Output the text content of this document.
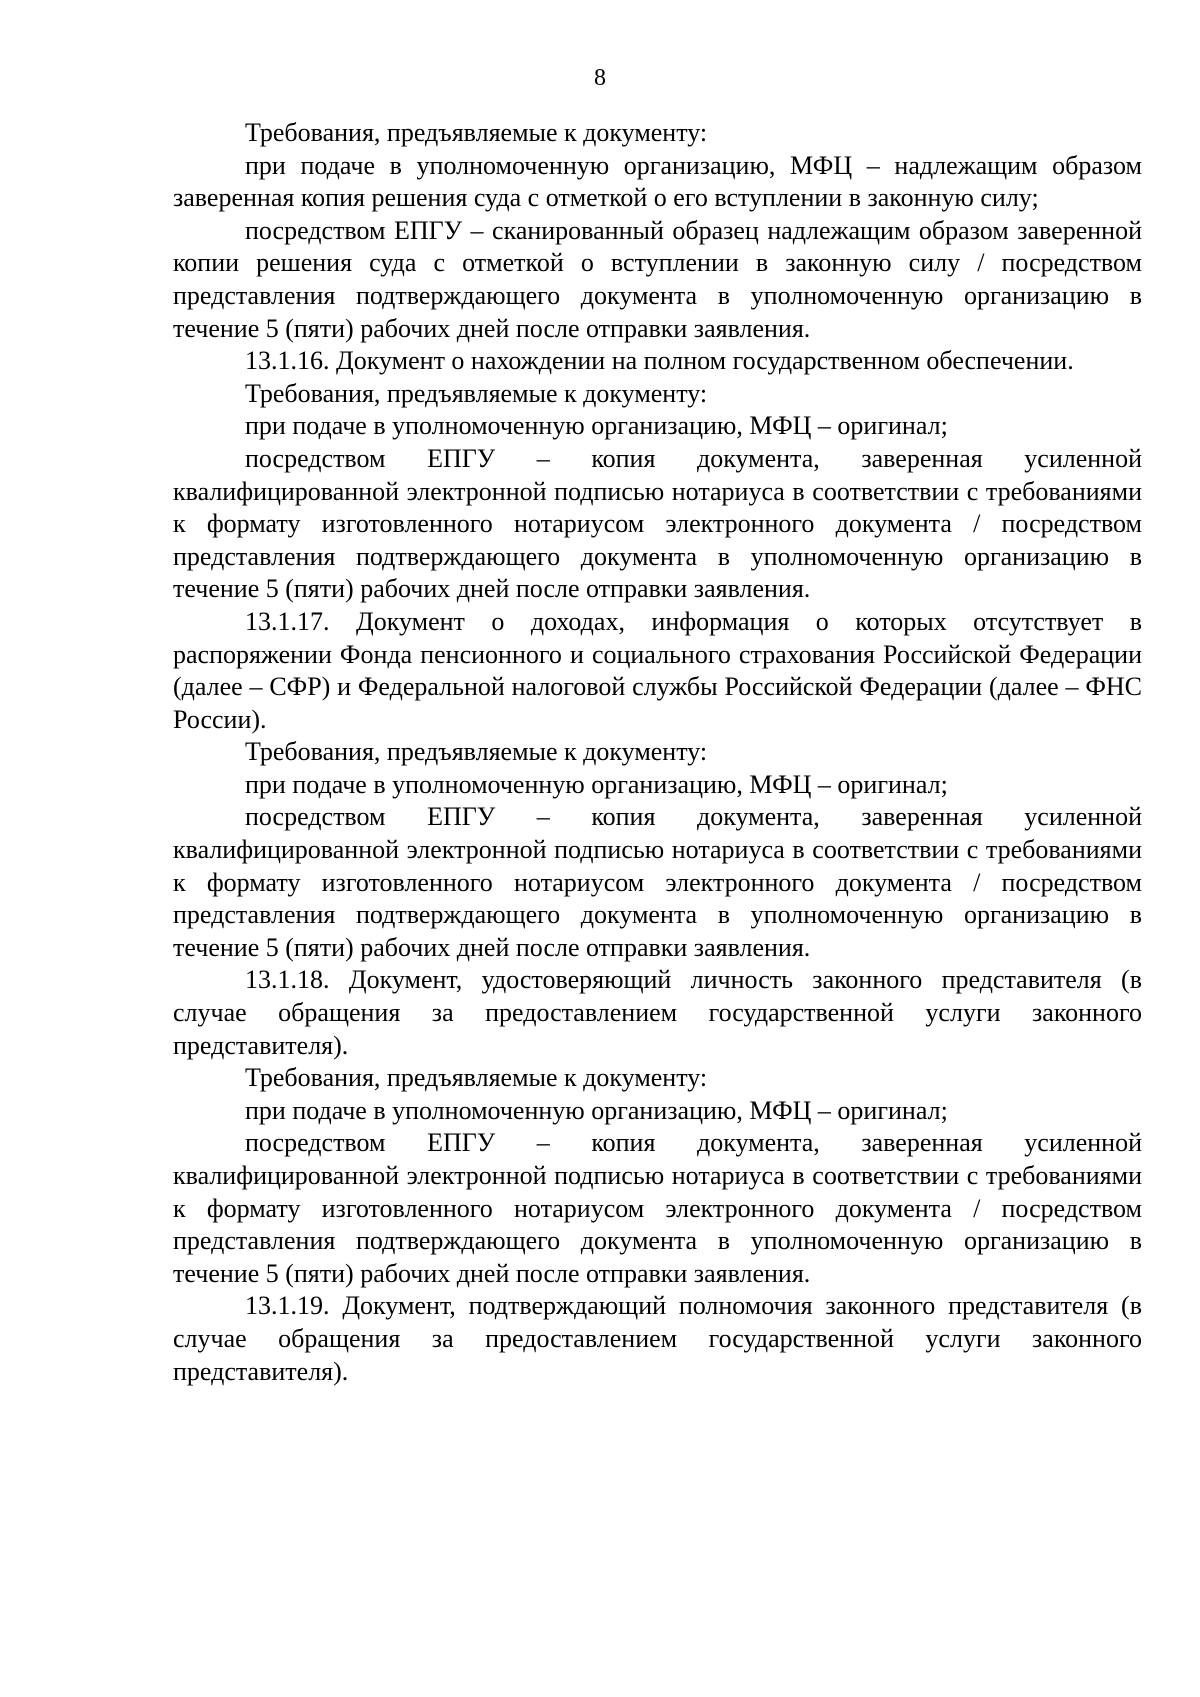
8

Требования, предъявляемые к документу:

при подаче в уполномоченную организацию, МФЦ – надлежащим образом заверенная копия решения суда с отметкой о его вступлении в законную силу;

посредством ЕПГУ – сканированный образец надлежащим образом заверенной копии решения суда с отметкой о вступлении в законную силу / посредством представления подтверждающего документа в уполномоченную организацию в течение 5 (пяти) рабочих дней после отправки заявления.

13.1.16. Документ о нахождении на полном государственном обеспечении.

Требования, предъявляемые к документу:

при подаче в уполномоченную организацию, МФЦ – оригинал;

посредством ЕПГУ – копия документа, заверенная усиленной квалифицированной электронной подписью нотариуса в соответствии с требованиями к формату изготовленного нотариусом электронного документа / посредством представления подтверждающего документа в уполномоченную организацию в течение 5 (пяти) рабочих дней после отправки заявления.

13.1.17. Документ о доходах, информация о которых отсутствует в распоряжении Фонда пенсионного и социального страхования Российской Федерации (далее – СФР) и Федеральной налоговой службы Российской Федерации (далее – ФНС России).

Требования, предъявляемые к документу:

при подаче в уполномоченную организацию, МФЦ – оригинал;

посредством ЕПГУ – копия документа, заверенная усиленной квалифицированной электронной подписью нотариуса в соответствии с требованиями к формату изготовленного нотариусом электронного документа / посредством представления подтверждающего документа в уполномоченную организацию в течение 5 (пяти) рабочих дней после отправки заявления.

13.1.18. Документ, удостоверяющий личность законного представителя (в случае обращения за предоставлением государственной услуги законного представителя).

Требования, предъявляемые к документу:

при подаче в уполномоченную организацию, МФЦ – оригинал;

посредством ЕПГУ – копия документа, заверенная усиленной квалифицированной электронной подписью нотариуса в соответствии с требованиями к формату изготовленного нотариусом электронного документа / посредством представления подтверждающего документа в уполномоченную организацию в течение 5 (пяти) рабочих дней после отправки заявления.

13.1.19. Документ, подтверждающий полномочия законного представителя (в случае обращения за предоставлением государственной услуги законного представителя).
